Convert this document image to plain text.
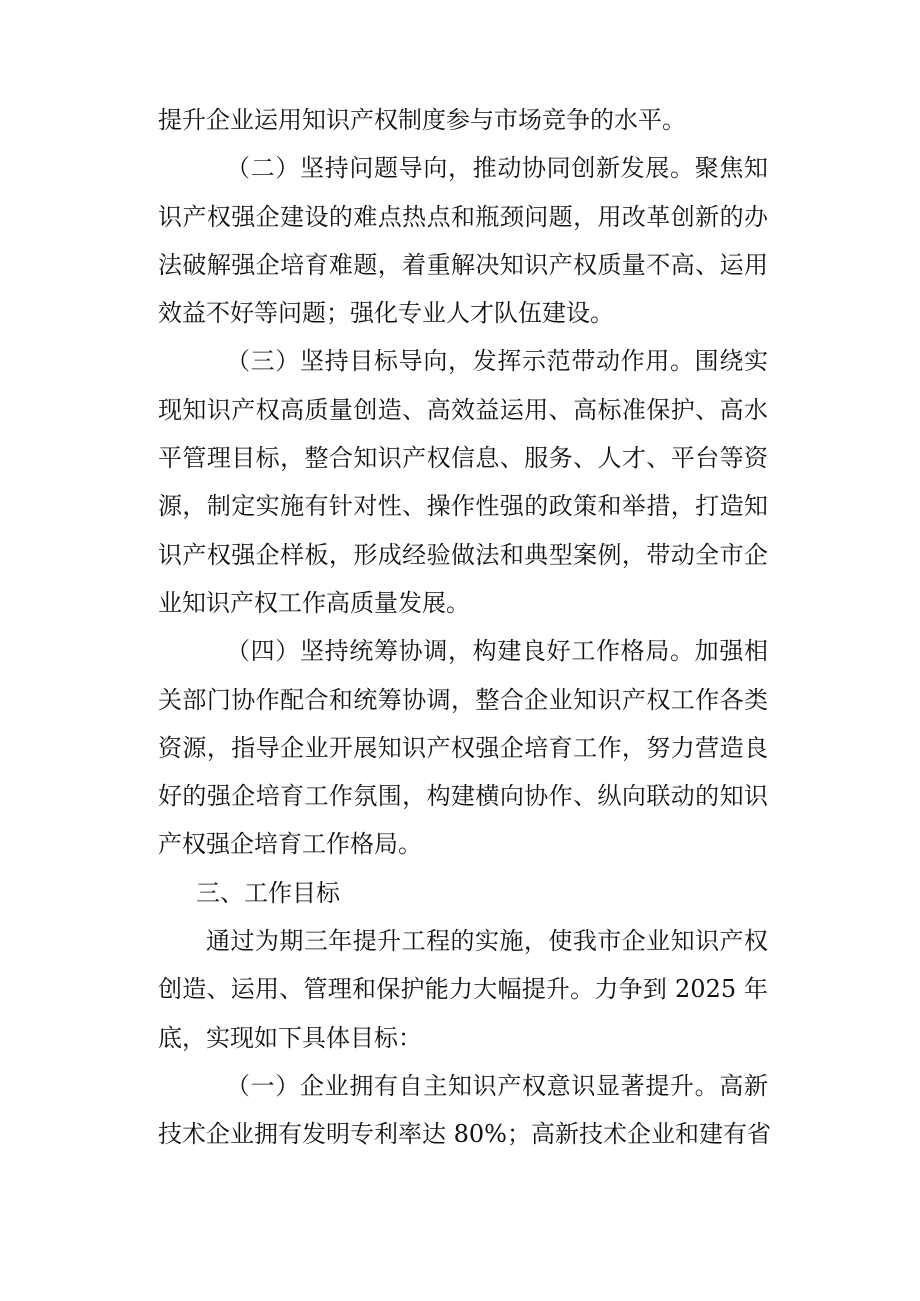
提升企业运用知识产权制度参与市场竞争的水平。
（二）坚持问题导向，推动协同创新发展。聚焦知
识产权强企建设的难点热点和瓶颈问题，用改革创新的办
法破解强企培育难题，着重解决知识产权质量不高、运用
效益不好等问题；强化专业人才队伍建设。
（三）坚持目标导向，发挥示范带动作用。围绕实
现知识产权高质量创造、高效益运用、高标准保护、高水
平管理目标，整合知识产权信息、服务、人才、平台等资
源，制定实施有针对性、操作性强的政策和举措，打造知
识产权强企样板，形成经验做法和典型案例，带动全市企
业知识产权工作高质量发展。
（四）坚持统筹协调，构建良好工作格局。加强相
关部门协作配合和统筹协调，整合企业知识产权工作各类
资源，指导企业开展知识产权强企培育工作，努力营造良
好的强企培育工作氛围，构建横向协作、纵向联动的知识
产权强企培育工作格局。
三、工作目标
通过为期三年提升工程的实施，使我市企业知识产权
创造、运用、管理和保护能力大幅提升。力争到 2025 年
底，实现如下具体目标：
（一）企业拥有自主知识产权意识显著提升。高新
技术企业拥有发明专利率达 80%；高新技术企业和建有省
